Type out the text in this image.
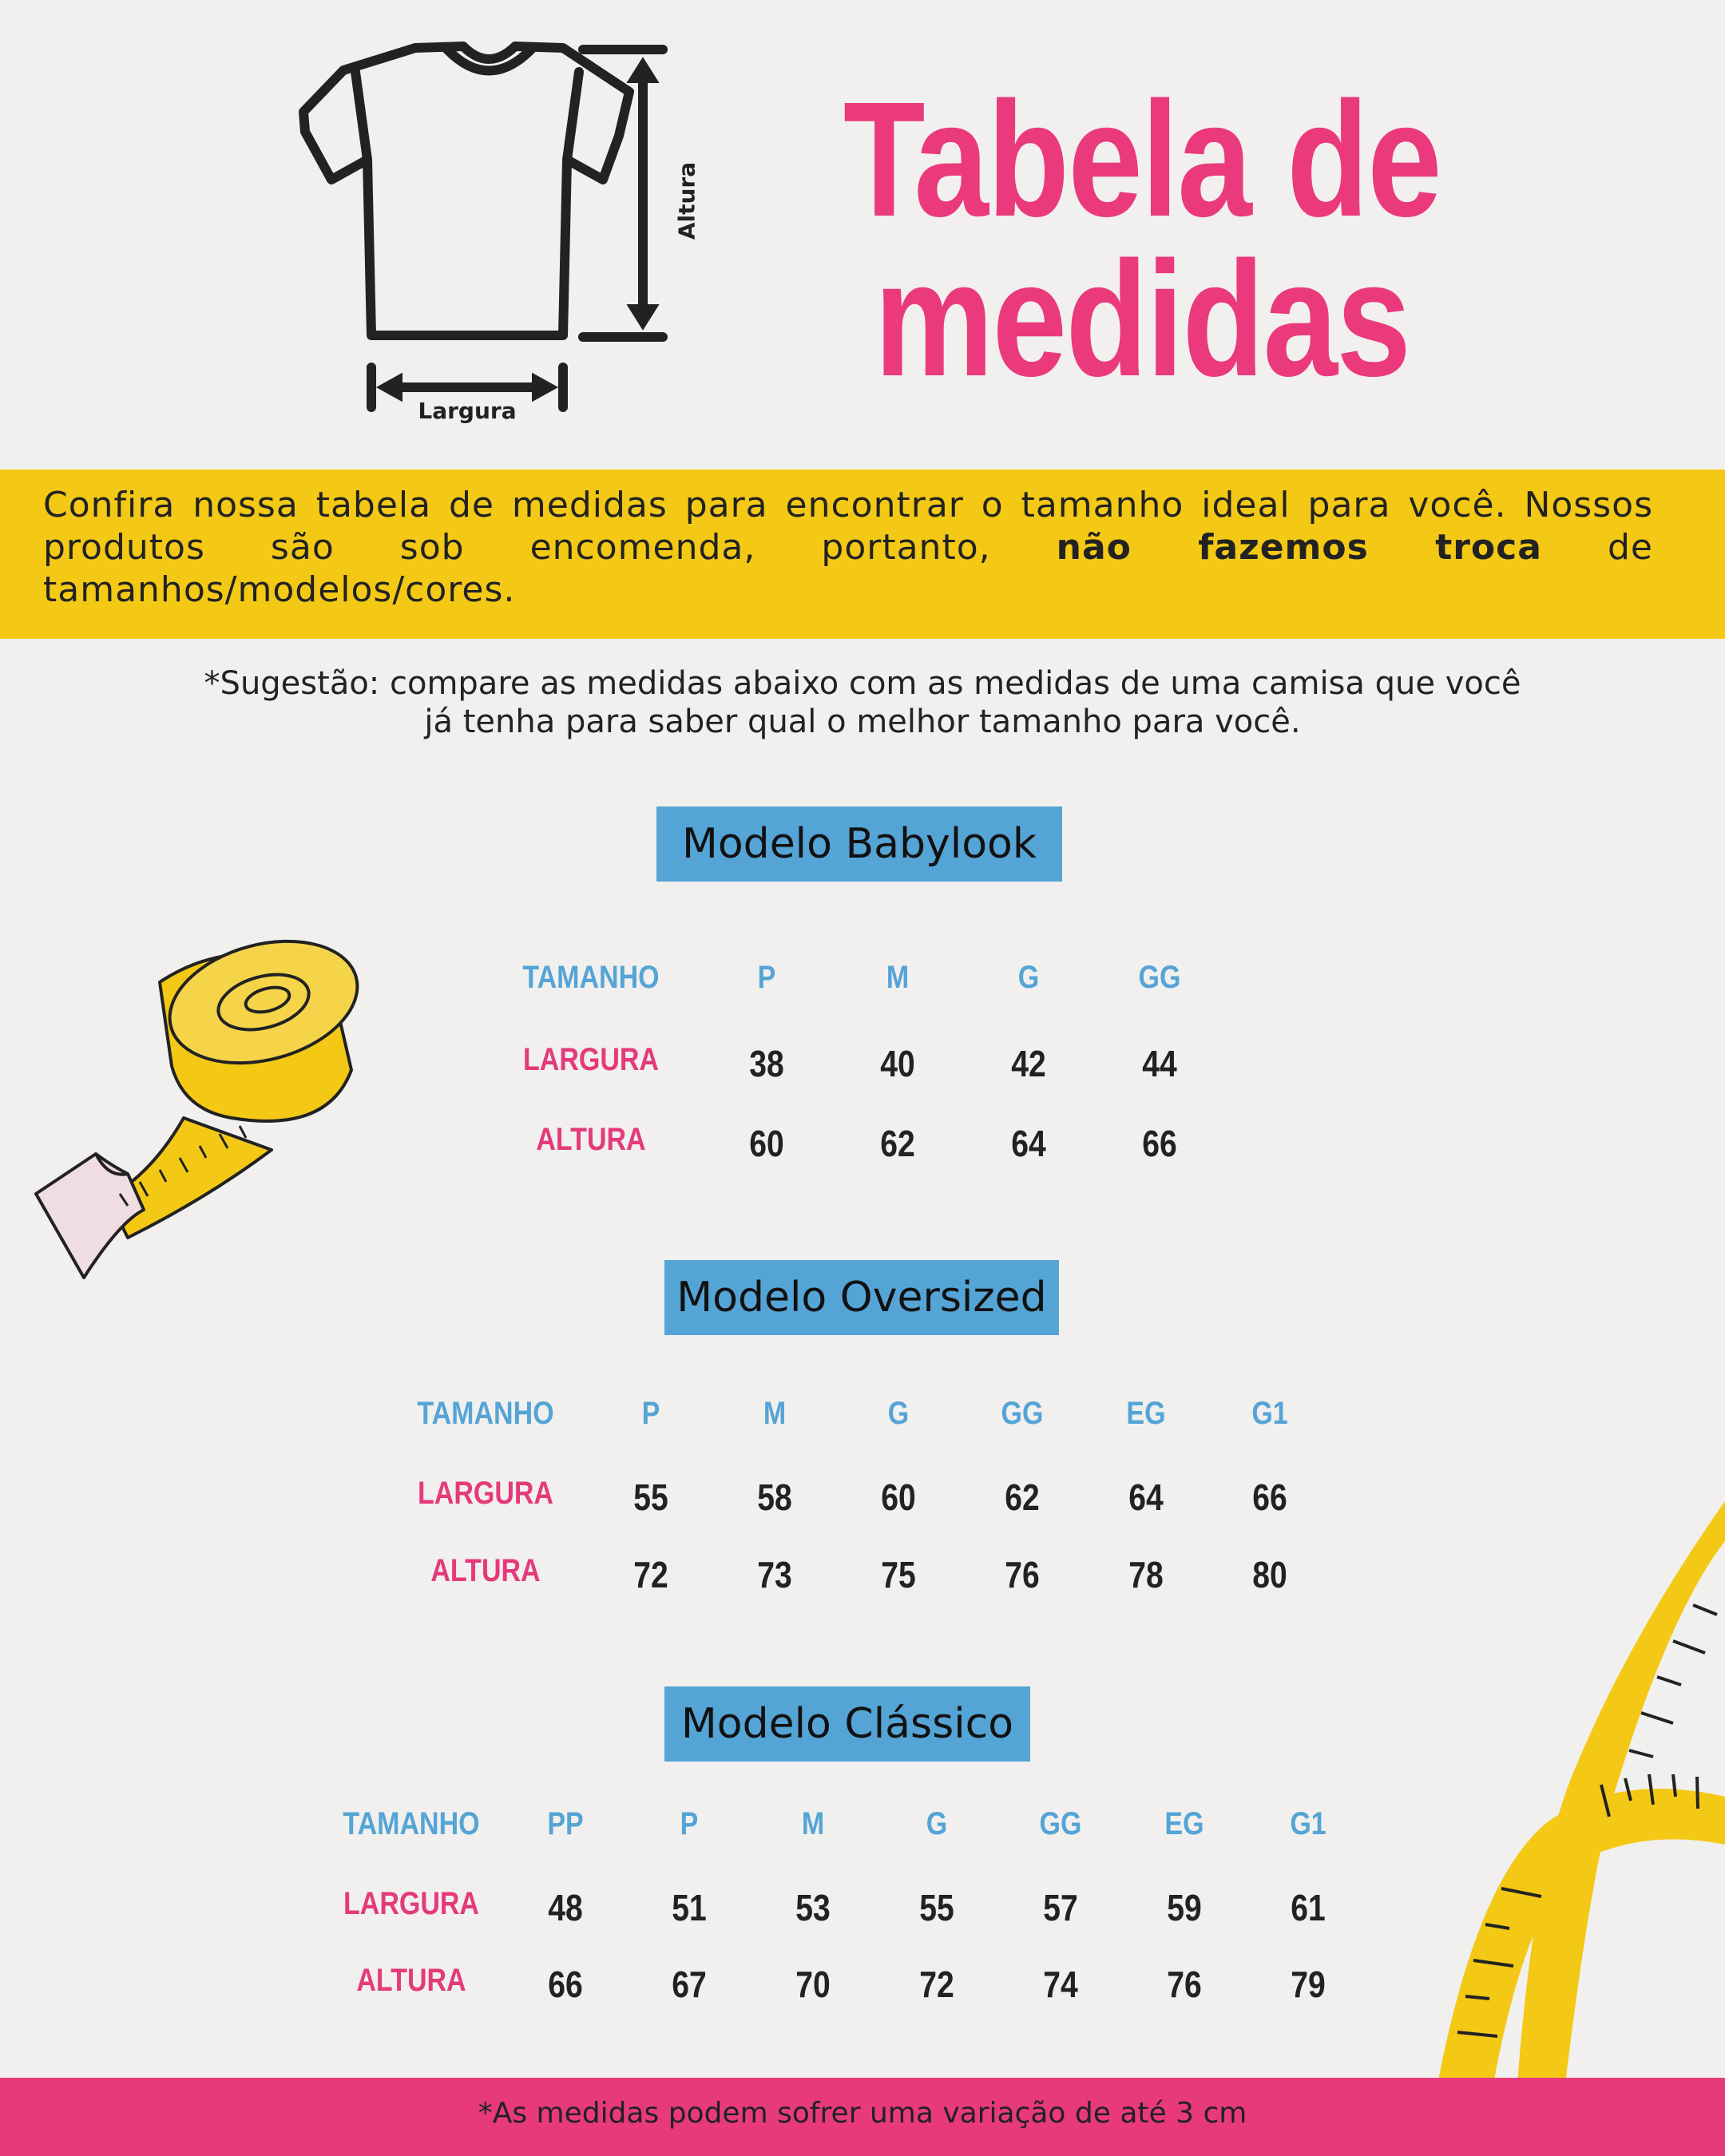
Altura
Largura
Tabela de
medidas
Confira nossa tabela de medidas para encontrar o tamanho ideal para você. Nossos produtos são sob encomenda, portanto, não fazemos troca de tamanhos/modelos/cores.
*Sugestão: compare as medidas abaixo com as medidas de uma camisa que você
já tenha para saber qual o melhor tamanho para você.
Modelo Babylook
TAMANHO	P	M	G	GG
LARGURA	38	40	42	44
ALTURA	60	62	64	66
Modelo Oversized
TAMANHO	P	M	G	GG	EG	G1
LARGURA	55	58	60	62	64	66
ALTURA	72	73	75	76	78	80
Modelo Clássico
TAMANHO	PP	P	M	G	GG	EG	G1
LARGURA	48	51	53	55	57	59	61
ALTURA	66	67	70	72	74	76	79
*As medidas podem sofrer uma variação de até 3 cm
